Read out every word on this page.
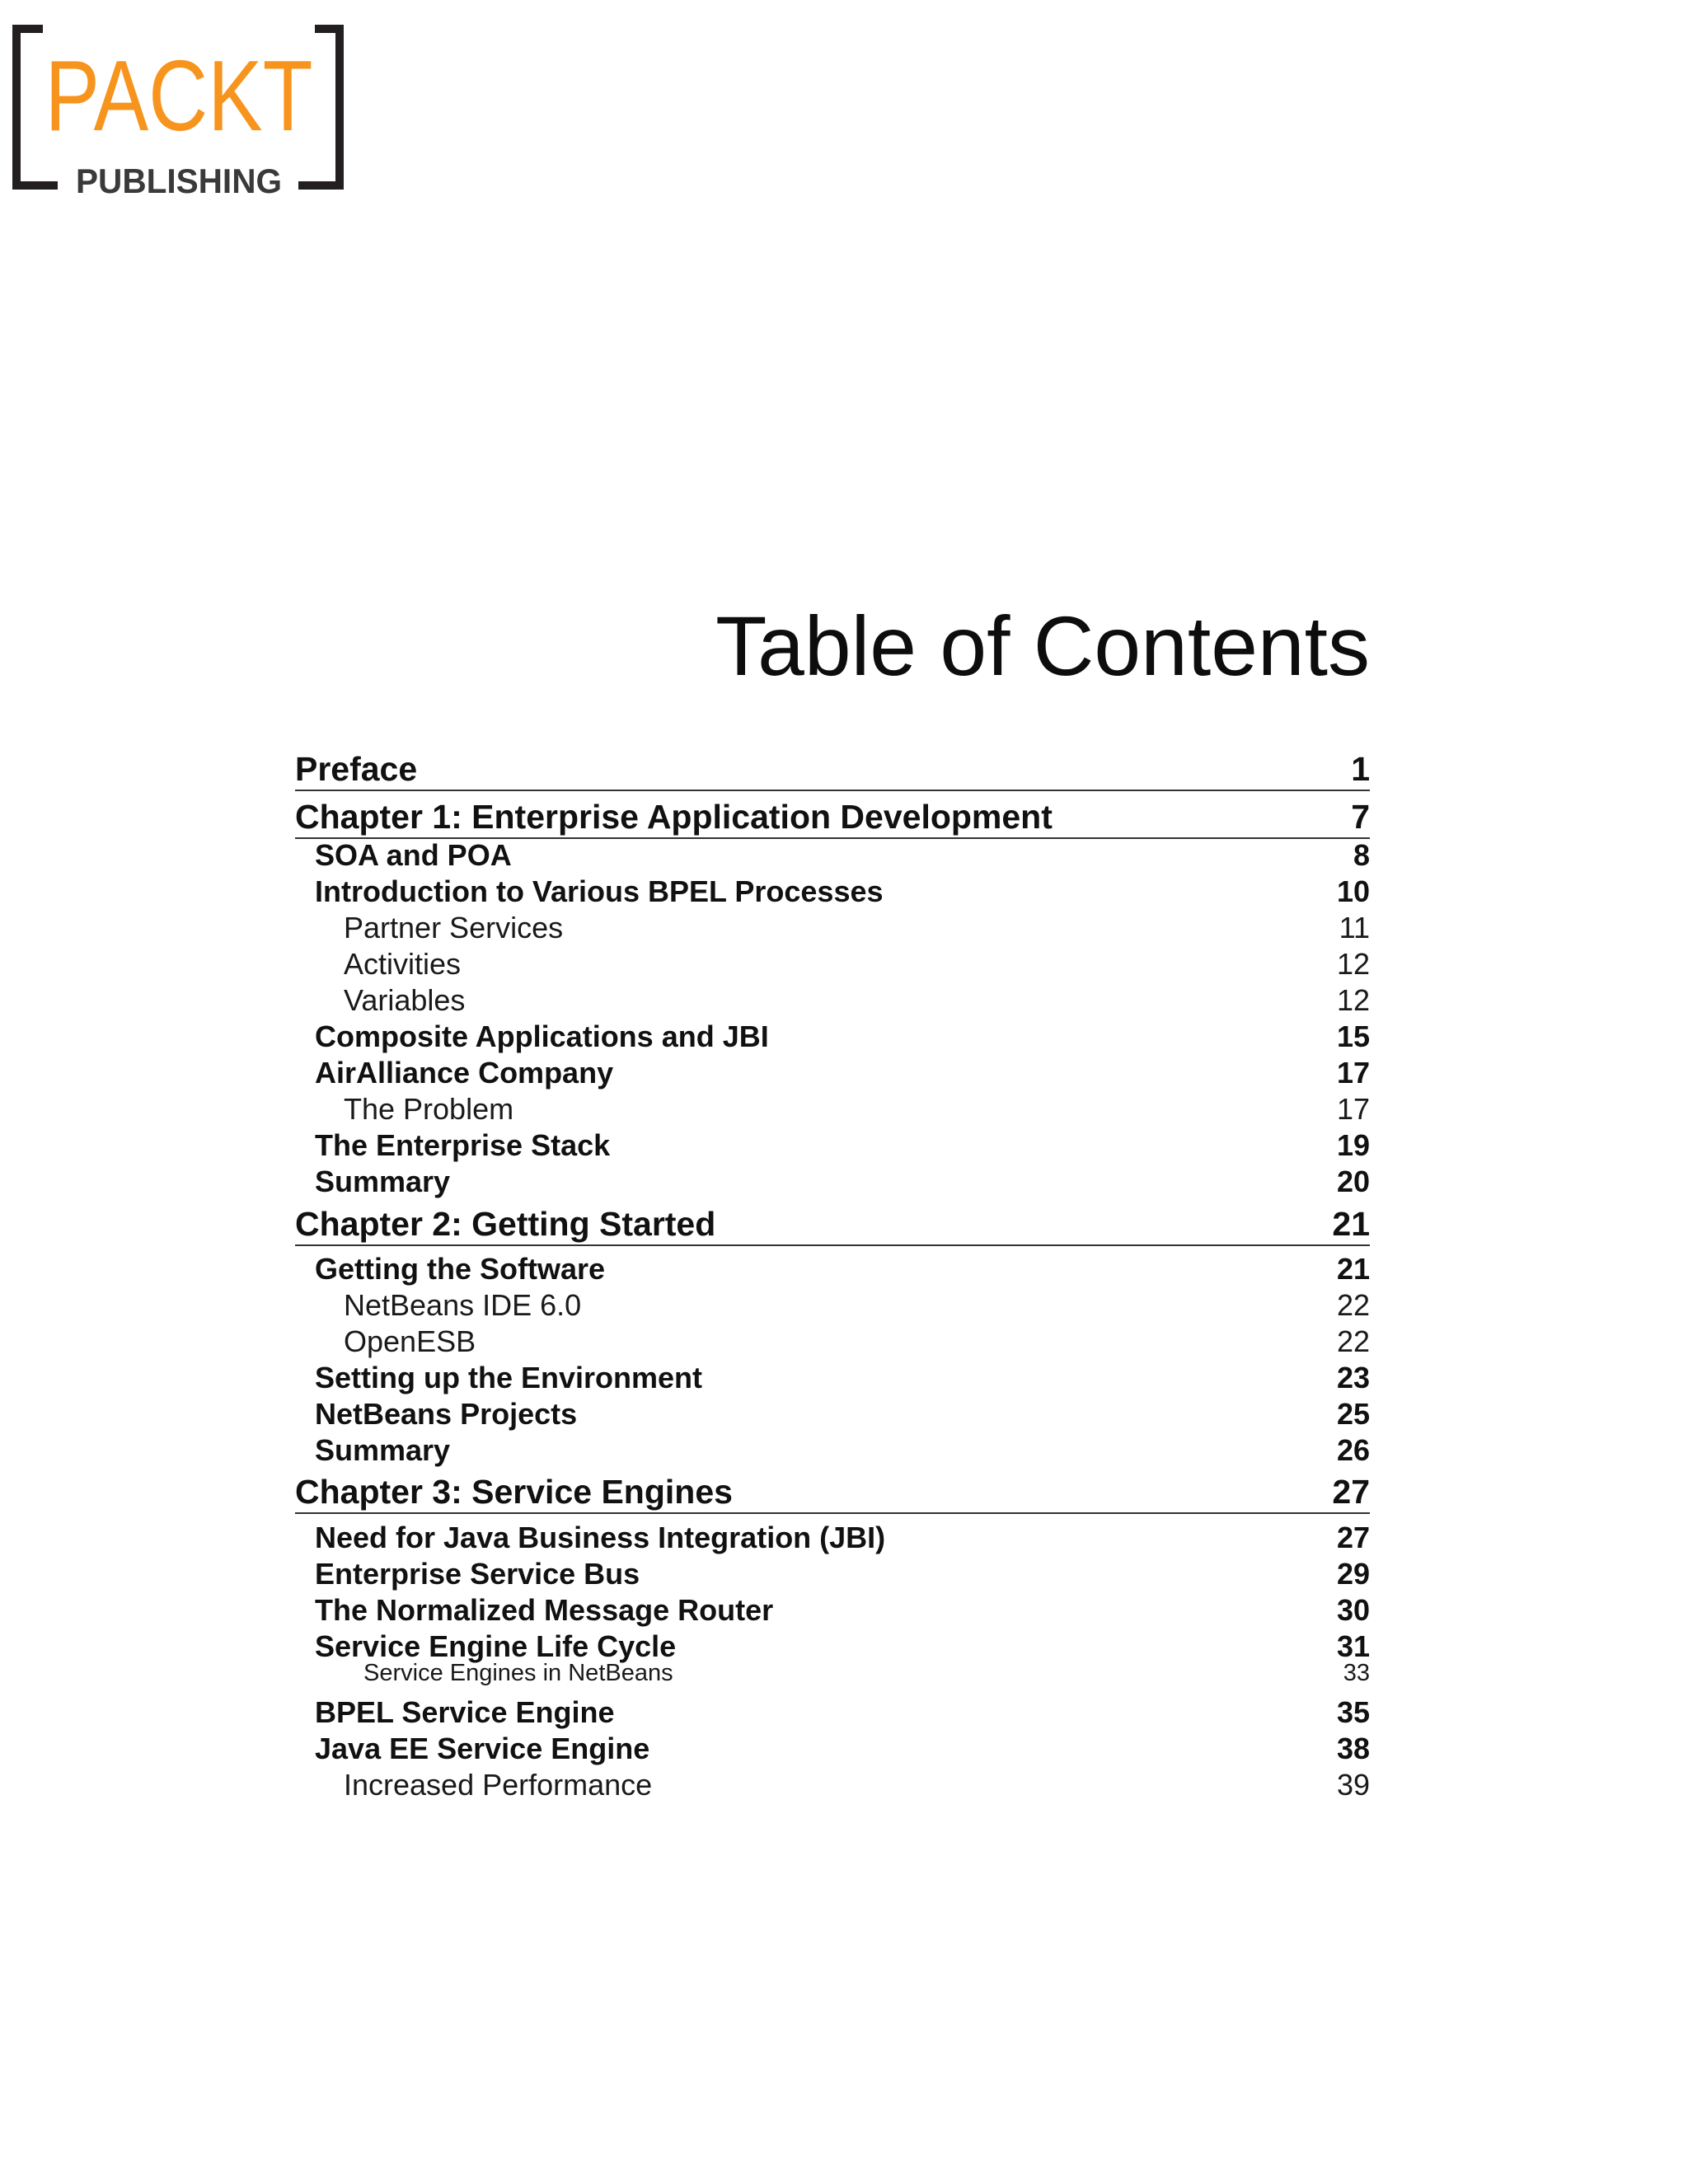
PACKT
PUBLISHING
Table of Contents
Preface	1
Chapter 1: Enterprise Application Development	7
SOA and POA	8
Introduction to Various BPEL Processes	10
Partner Services	11
Activities	12
Variables	12
Composite Applications and JBI	15
AirAlliance Company	17
The Problem	17
The Enterprise Stack	19
Summary	20
Chapter 2: Getting Started	21
Getting the Software	21
NetBeans IDE 6.0	22
OpenESB	22
Setting up the Environment	23
NetBeans Projects	25
Summary	26
Chapter 3: Service Engines	27
Need for Java Business Integration (JBI)	27
Enterprise Service Bus	29
The Normalized Message Router	30
Service Engine Life Cycle	31
Service Engines in NetBeans	33
BPEL Service Engine	35
Java EE Service Engine	38
Increased Performance	39
